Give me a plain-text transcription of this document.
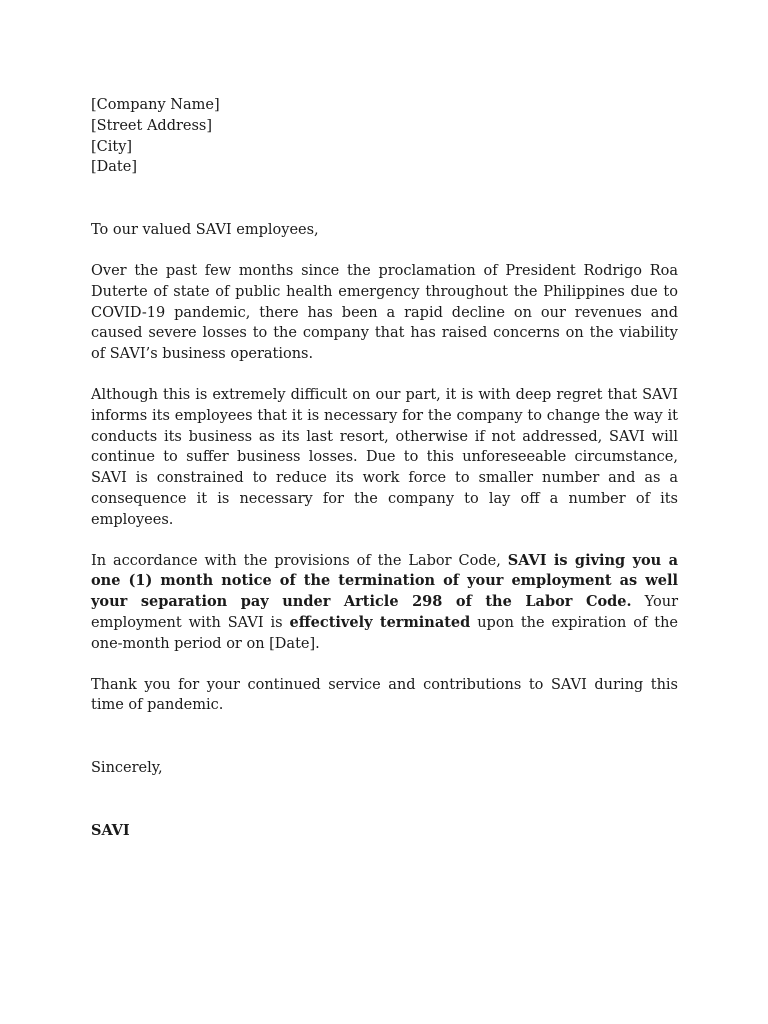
[Company Name]
[Street Address]
[City]
[Date]

To our valued SAVI employees,

Over the past few months since the proclamation of President Rodrigo Roa Duterte of state of public health emergency throughout the Philippines due to COVID-19 pandemic, there has been a rapid decline on our revenues and caused severe losses to the company that has raised concerns on the viability of SAVI’s business operations.

Although this is extremely difficult on our part, it is with deep regret that SAVI informs its employees that it is necessary for the company to change the way it conducts its business as its last resort, otherwise if not addressed, SAVI will continue to suffer business losses. Due to this unforeseeable circumstance, SAVI is constrained to reduce its work force to smaller number and as a consequence it is necessary for the company to lay off a number of its employees.

In accordance with the provisions of the Labor Code, SAVI is giving you a one (1) month notice of the termination of your employment as well your separation pay under Article 298 of the Labor Code. Your employment with SAVI is effectively terminated upon the expiration of the one-month period or on [Date].

Thank you for your continued service and contributions to SAVI during this time of pandemic.

Sincerely,

SAVI
